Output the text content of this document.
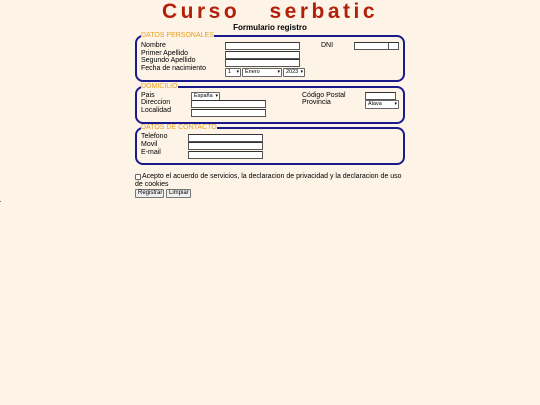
Curso serbatic
Formulario registro
DATOS PERSONALES
Nombre
Primer Apellido
Segundo Apellido
Fecha de nacimiento	1 ▾	Enero	▾	2023 ▾
DNI
DOMICILIO
Pais	España ▾
Direccion
Localidad
Código Postal
Provincia	Alava	▾
DATOS DE CONTACTO
Telefono
Movil
E-mail
Acepto el acuerdo de servicios, la declaracion de privacidad y la declaracion de uso de cookies
Registrar	Limpiar
